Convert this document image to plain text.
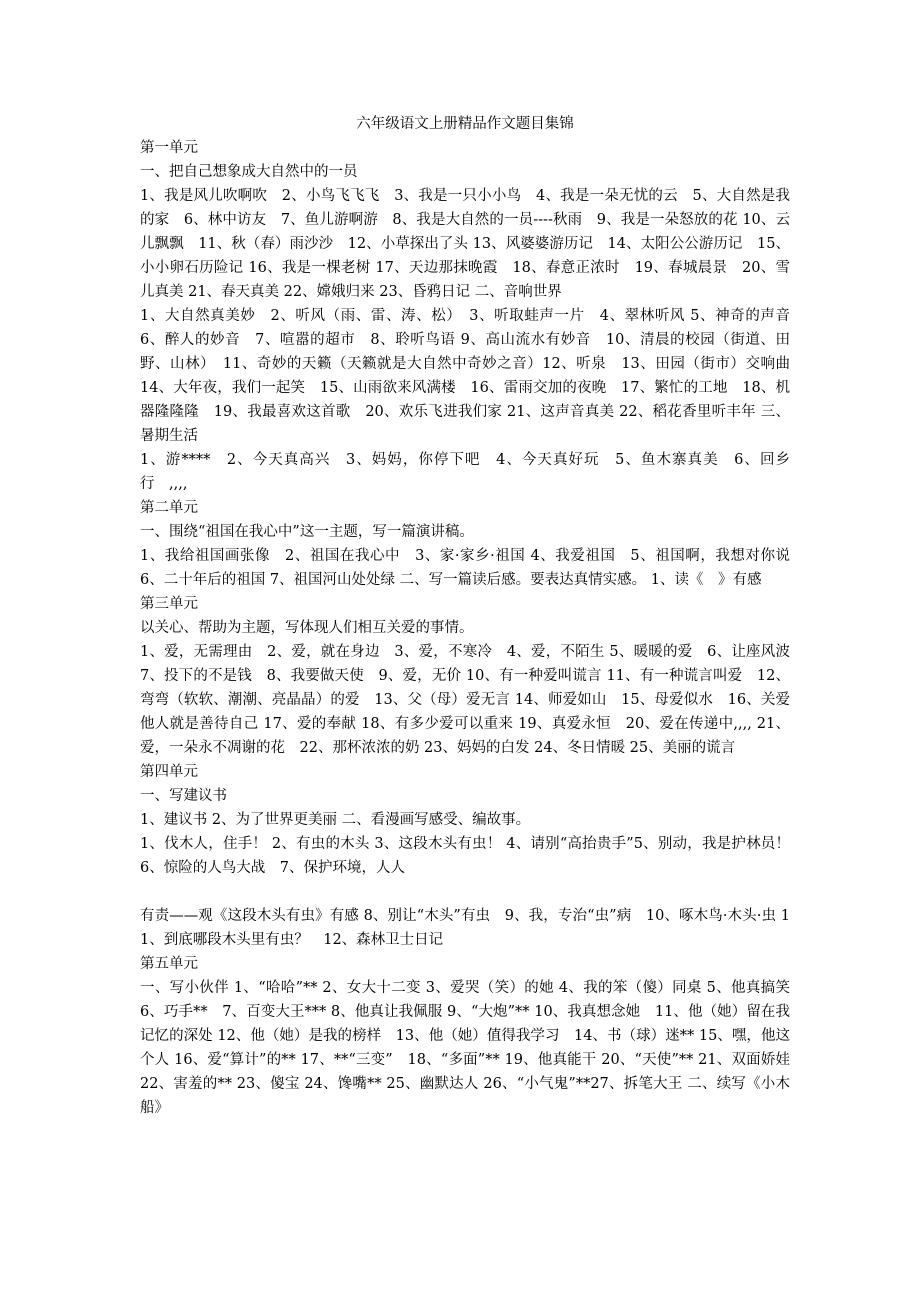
六年级语文上册精品作文题目集锦

第一单元

一、把自己想象成大自然中的一员

1、我是风儿吹啊吹　2、小鸟飞飞飞　3、我是一只小小鸟　4、我是一朵无忧的云　5、大自然是我的家　6、林中访友　7、鱼儿游啊游　8、我是大自然的一员----秋雨　9、我是一朵怒放的花 10、云儿飘飘　11、秋（春）雨沙沙　12、小草探出了头 13、风婆婆游历记　14、太阳公公游历记　15、小小卵石历险记 16、我是一棵老树 17、天边那抹晚霞　18、春意正浓时　19、春城晨景　20、雪儿真美 21、春天真美 22、嫦娥归来 23、昏鸦日记 二、音响世界

1、大自然真美妙　2、听风（雨、雷、涛、松）　3、听取蛙声一片　4、翠林听风 5、神奇的声音　6、醉人的妙音　7、喧嚣的超市　8、聆听鸟语 9、高山流水有妙音　10、清晨的校园（街道、田野、山林）　11、奇妙的天籁（天籁就是大自然中奇妙之音）12、听泉　13、田园（街市）交响曲　14、大年夜，我们一起笑　15、山雨欲来风满楼　16、雷雨交加的夜晚　17、繁忙的工地　18、机器隆隆隆　19、我最喜欢这首歌　20、欢乐飞进我们家 21、这声音真美 22、稻花香里听丰年 三、暑期生活

1、游****　2、今天真高兴　3、妈妈，你停下吧　4、今天真好玩　5、鱼木寨真美　6、回乡行　,,,,

第二单元

一、围绕“祖国在我心中”这一主题，写一篇演讲稿。

1、我给祖国画张像　2、祖国在我心中　3、家·家乡·祖国 4、我爱祖国　5、祖国啊，我想对你说 6、二十年后的祖国 7、祖国河山处处绿 二、写一篇读后感。要表达真情实感。 1、读《　》有感

第三单元

以关心、帮助为主题，写体现人们相互关爱的事情。

1、爱，无需理由　2、爱，就在身边　3、爱，不寒冷　4、爱，不陌生 5、暖暖的爱　6、让座风波　7、投下的不是钱　8、我要做天使　9、爱，无价 10、有一种爱叫谎言 11、有一种谎言叫爱　12、弯弯（软软、潮潮、亮晶晶）的爱　13、父（母）爱无言 14、师爱如山　15、母爱似水　16、关爱他人就是善待自己 17、爱的奉献 18、有多少爱可以重来 19、真爱永恒　20、爱在传递中,,,, 21、爱，一朵永不凋谢的花　22、那杯浓浓的奶 23、妈妈的白发 24、冬日情暖 25、美丽的谎言

第四单元

一、写建议书

1、建议书 2、为了世界更美丽 二、看漫画写感受、编故事。

1、伐木人，住手！ 2、有虫的木头 3、这段木头有虫！ 4、请别“高抬贵手”5、别动，我是护林员！ 6、惊险的人鸟大战　7、保护环境，人人

有责——观《这段木头有虫》有感 8、别让“木头”有虫　9、我，专治“虫”病　10、啄木鸟·木头·虫 11、到底哪段木头里有虫？　12、森林卫士日记

第五单元

一、写小伙伴 1、“哈哈”** 2、女大十二变 3、爱哭（笑）的她 4、我的笨（傻）同桌 5、他真搞笑 6、巧手**　7、百变大王*** 8、他真让我佩服 9、“大炮”** 10、我真想念她　11、他（她）留在我记忆的深处 12、他（她）是我的榜样　13、他（她）值得我学习　14、书（球）迷** 15、嘿，他这个人 16、爱“算计”的** 17、**“三变”　18、“多面”** 19、他真能干 20、“天使”** 21、双面娇娃 22、害羞的** 23、傻宝 24、馋嘴** 25、幽默达人 26、“小气鬼”**27、拆笔大王 二、续写《小木船》
